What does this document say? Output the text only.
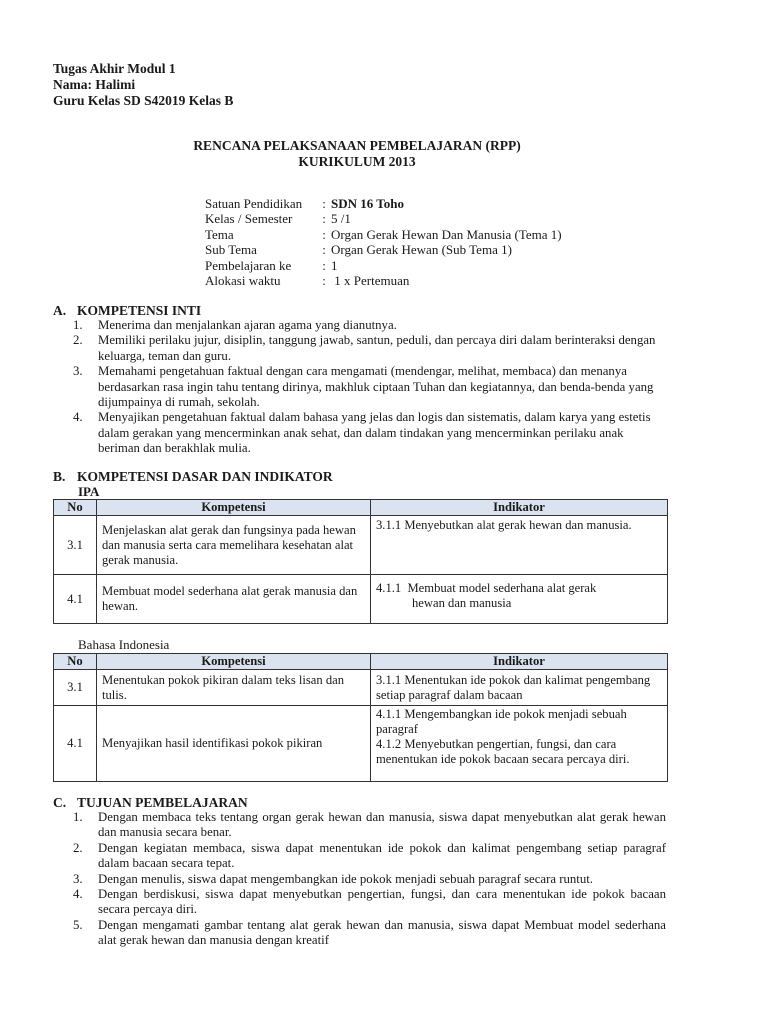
Tugas Akhir Modul 1
Nama: Halimi
Guru Kelas SD S42019 Kelas B
RENCANA PELAKSANAAN PEMBELAJARAN (RPP)
KURIKULUM 2013
Satuan Pendidikan	:	SDN 16 Toho
Kelas / Semester	:	5 /1
Tema	:	Organ Gerak Hewan Dan Manusia (Tema 1)
Sub Tema	:	Organ Gerak Hewan (Sub Tema 1)
Pembelajaran ke	:	1
Alokasi waktu	:	1 x Pertemuan
A. KOMPETENSI INTI
1. Menerima dan menjalankan ajaran agama yang dianutnya.
2. Memiliki perilaku jujur, disiplin, tanggung jawab, santun, peduli, dan percaya diri dalam berinteraksi dengan keluarga, teman dan guru.
3. Memahami pengetahuan faktual dengan cara mengamati (mendengar, melihat, membaca) dan menanya berdasarkan rasa ingin tahu tentang dirinya, makhluk ciptaan Tuhan dan kegiatannya, dan benda-benda yang dijumpainya di rumah, sekolah.
4. Menyajikan pengetahuan faktual dalam bahasa yang jelas dan logis dan sistematis, dalam karya yang estetis dalam gerakan yang mencerminkan anak sehat, dan dalam tindakan yang mencerminkan perilaku anak beriman dan berakhlak mulia.
B. KOMPETENSI DASAR DAN INDIKATOR
IPA
No	Kompetensi	Indikator
3.1	Menjelaskan alat gerak dan fungsinya pada hewan dan manusia serta cara memelihara kesehatan alat gerak manusia.	3.1.1 Menyebutkan alat gerak hewan dan manusia.
4.1	Membuat model sederhana alat gerak manusia dan hewan.	4.1.1  Membuat model sederhana alat gerak
hewan dan manusia
Bahasa Indonesia
No	Kompetensi	Indikator
3.1	Menentukan pokok pikiran dalam teks lisan dan tulis.	3.1.1 Menentukan ide pokok dan kalimat pengembang setiap paragraf dalam bacaan
4.1	Menyajikan hasil identifikasi pokok pikiran	4.1.1 Mengembangkan ide pokok menjadi sebuah paragraf
4.1.2 Menyebutkan pengertian, fungsi, dan cara menentukan ide pokok bacaan secara percaya diri.
C. TUJUAN PEMBELAJARAN
1. Dengan membaca teks tentang organ gerak hewan dan manusia, siswa dapat menyebutkan alat gerak hewan dan manusia secara benar.
2. Dengan kegiatan membaca, siswa dapat menentukan ide pokok dan kalimat pengembang setiap paragraf dalam bacaan secara tepat.
3. Dengan menulis, siswa dapat mengembangkan ide pokok menjadi sebuah paragraf secara runtut.
4. Dengan berdiskusi, siswa dapat menyebutkan pengertian, fungsi, dan cara menentukan ide pokok bacaan secara percaya diri.
5. Dengan mengamati gambar tentang alat gerak hewan dan manusia, siswa dapat Membuat model sederhana alat gerak hewan dan manusia dengan kreatif
